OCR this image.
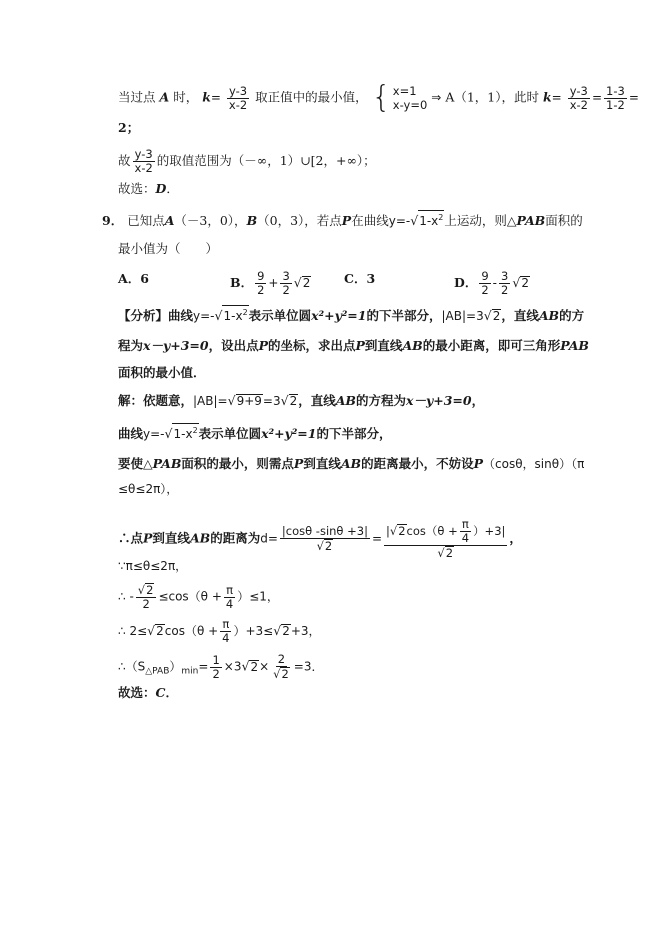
当过点 A 时， $k= \frac{y-3}{x-2}$ 取正值中的最小值， { x=1
x-y=0
⇒ A（1，1），此时 $k= \frac{y-3}{x-2} = \frac{1-3}{1-2}$ =
2；
故 $\frac{y-3}{x-2}$ 的取值范围为（－∞，1）∪[2，+∞）；
故选：D．
9． 已知点A（－3，0），B（0，3），若点P在曲线$y=-√1-x^2$上运动，则△PAB面积的
最小值为（　　）
A．6	B． $\frac{9}{2} + \frac{3}{2} √2$	C．3	D． $\frac{9}{2} - \frac{3}{2} √2$
【分析】曲线$y=-√1-x^2$表示单位圆x²+y²=1的下半部分，|AB|=3√2，直线AB的方
程为x－y+3=0，设出点P的坐标，求出点P到直线AB的最小距离，即可三角形PAB
面积的最小值．
解：依题意，|AB|=√9+9=3√2，直线AB的方程为x－y+3=0，
曲线$y=-√1-x^2$表示单位圆x²+y²=1的下半部分，
要使△PAB面积的最小，则需点P到直线AB的距离最小，不妨设P（cosθ，sinθ）（π
≤θ≤2π），
∴点P到直线AB的距离为$d= \frac{|\cos\theta -\sin\theta +3|}{√2} = \frac{|√2\cos(\theta + \frac{\pi}{4} )+3|}{√2}$ ，
∵π≤θ≤2π，
∴ - $\frac{√2}{2} \le\cos(\theta + \frac{\pi}{4} )\le 1$，
∴ $2\le√2\cos(\theta + \frac{\pi}{4} )+3\le√2+3$，
$\therefore(S_{\triangle PAB})_{min}= \frac{1}{2} \times 3√2\times \frac{2}{√2} =3$．
故选：C．
